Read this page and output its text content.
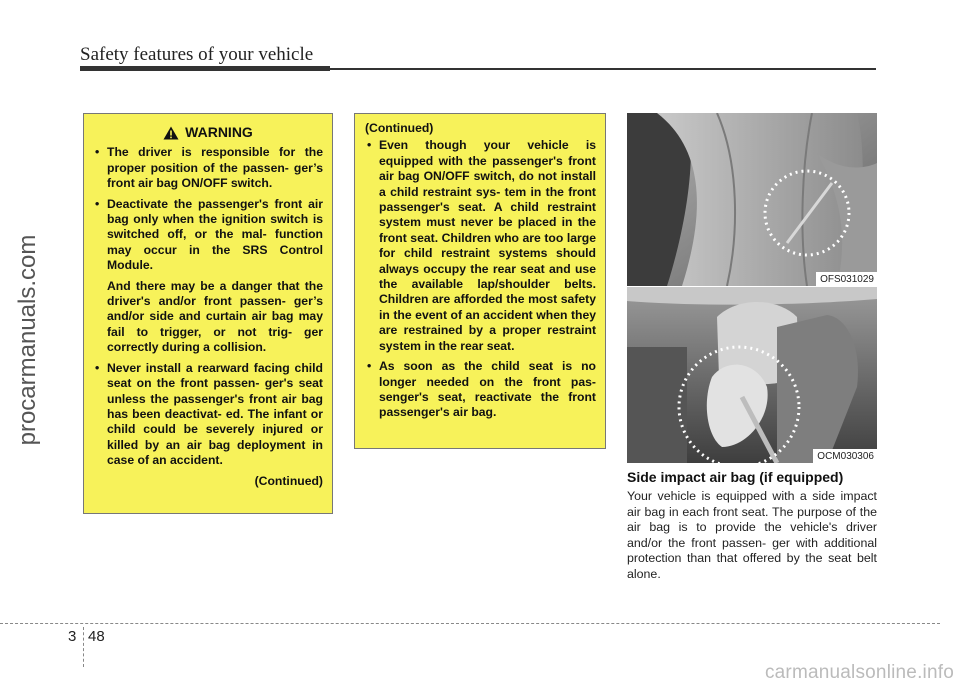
Safety features of your vehicle
procarmanuals.com
WARNING
• The driver is responsible for the proper position of the passen- ger’s front air bag ON/OFF switch.
• Deactivate the passenger's front air bag only when the ignition switch is switched off, or the mal- function may occur in the SRS Control Module.
And there may be a danger that the driver's and/or front passen- ger’s and/or side and curtain air bag may fail to trigger, or not trig- ger correctly during a collision.
• Never install a rearward facing child seat on the front passen- ger's seat unless the passenger's front air bag has been deactivat- ed. The infant or child could be severely injured or killed by an air bag deployment in case of an accident.
(Continued)
(Continued)
• Even though your vehicle is equipped with the passenger's front air bag ON/OFF switch, do not install a child restraint sys- tem in the front passenger's seat. A child restraint system must never be placed in the front seat. Children who are too large for child restraint systems should always occupy the rear seat and use the available lap/shoulder belts. Children are afforded the most safety in the event of an accident when they are restrained by a proper restraint system in the rear seat.
• As soon as the child seat is no longer needed on the front pas- senger's seat, reactivate the front passenger's air bag.
OFS031029
OCM030306
Side impact air bag (if equipped)
Your vehicle is equipped with a side impact air bag in each front seat. The purpose of the air bag is to provide the vehicle's driver and/or the front passen- ger with additional protection than that offered by the seat belt alone.
3 48
carmanualsonline.info
